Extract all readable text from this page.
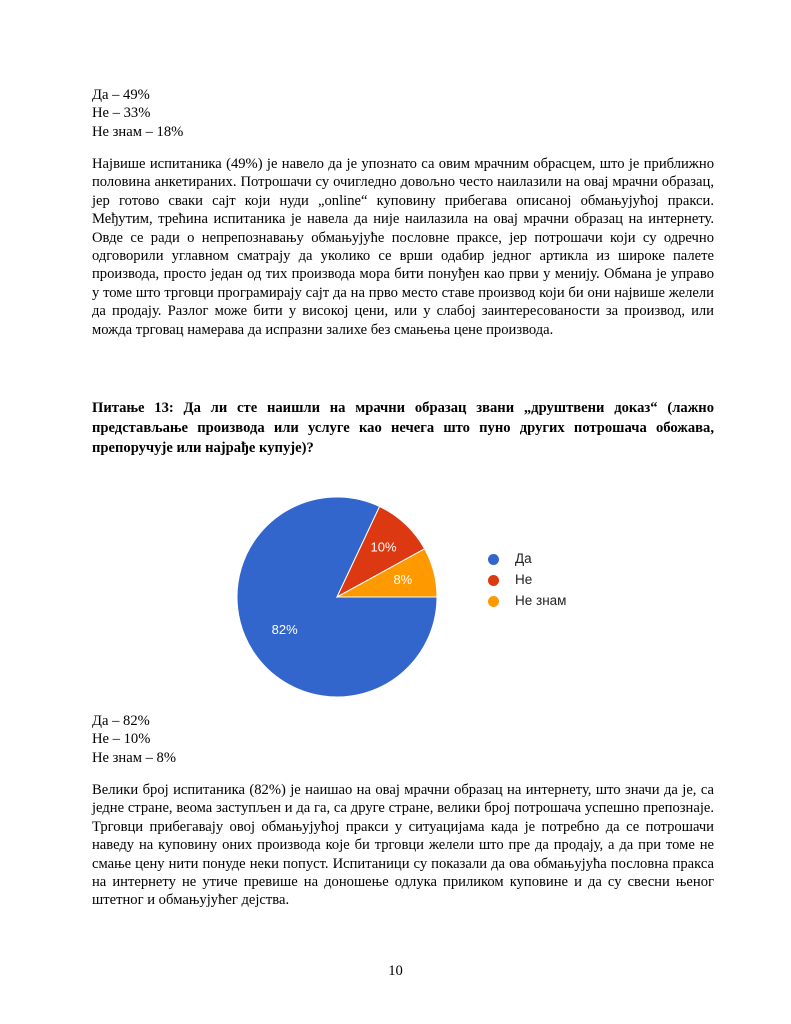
Да – 49%
Не – 33%
Не знам – 18%
Највише испитаника (49%) је навело да је упознато са овим мрачним обрасцем, што је приближно половина анкетираних. Потрошачи су очигледно довољно често наилазили на овај мрачни образац, јер готово сваки сајт који нуди „online“ куповину прибегава описаној обмањујућој пракси. Међутим, трећина испитаника је навела да није наилазила на овај мрачни образац на интернету. Овде се ради о непрепознавању обмањујуће пословне праксе, јер потрошачи који су одречно одговорили углавном сматрају да уколико се врши одабир једног артикла из широке палете производа, просто један од тих производа мора бити понуђен као први у менију. Обмана је управо у томе што трговци програмирају сајт да на прво место ставе производ који би они највише желели да продају. Разлог може бити у високој цени, или у слабој заинтересованости за производ, или можда трговац намерава да испразни залихе без смањења цене производа.
Питање 13: Да ли сте наишли на мрачни образац звани „друштвени доказ“ (лажно представљање производа или услуге као нечега што пуно других потрошача обожава, препоручује или најрађе купује)?
82%
10%
8%
Да
Не
Не знам
Да – 82%
Не – 10%
Не знам – 8%
Велики број испитаника (82%) је наишао на овај мрачни образац на интернету, што значи да је, са једне стране, веома заступљен и да га, са друге стране, велики број потрошача успешно препознаје. Трговци прибегавају овој обмањујућој пракси у ситуацијама када је потребно да се потрошачи наведу на куповину оних производа које би трговци желели што пре да продају, а да при томе не смање цену нити понуде неки попуст. Испитаници су показали да ова обмањујућа пословна пракса на интернету не утиче превише на доношење одлука приликом куповине и да су свесни њеног штетног и обмањујућег дејства.
10
